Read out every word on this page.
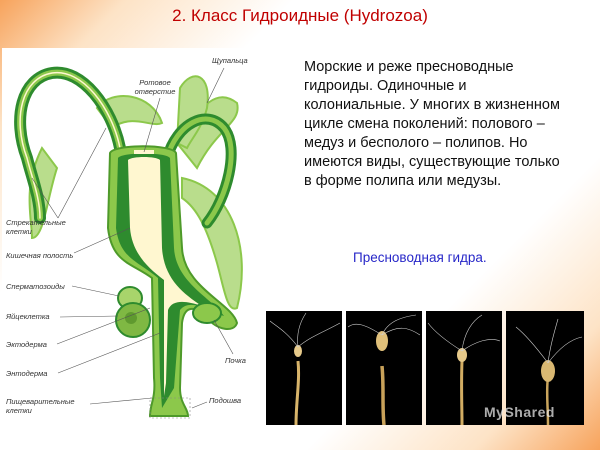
2. Класс Гидроидные (Hydrozoa)
Ротовое отверстие
Щупальца
Стрекательные клетки
Кишечная полость
Сперматозоиды
Яйцеклетка
Эктодерма
Энтодерма
Пищеварительные клетки
Почка
Подошва
Морские и реже пресноводные гидроиды. Одиночные и колониальные. У многих в жизненном цикле смена поколений: полового – медуз и бесполого – полипов. Но имеются виды, существующие только в форме полипа или медузы.
Пресноводная гидра.
MyShared
